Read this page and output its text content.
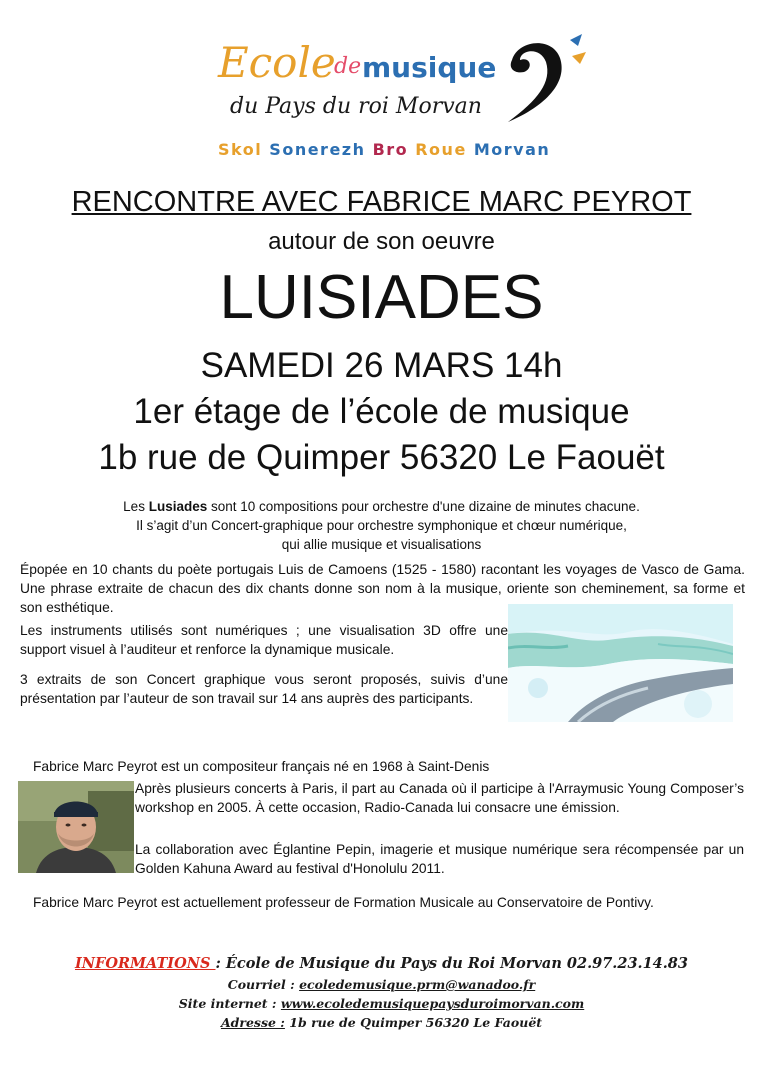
Ecole
de musique
du Pays du roi Morvan
Skol Sonerezh Bro Roue Morvan
RENCONTRE AVEC FABRICE MARC PEYROT
autour de son oeuvre
LUISIADES
SAMEDI 26 MARS 14h
1er étage de l’école de musique
1b rue de Quimper 56320 Le Faouët
Les Lusiades sont 10 compositions pour orchestre d'une dizaine de minutes chacune.
Il s’agit d’un Concert-graphique pour orchestre symphonique et chœur numérique,
qui allie musique et visualisations
Épopée en 10 chants du poète portugais Luis de Camoens (1525 - 1580) racontant les voyages de Vasco de Gama. Une phrase extraite de chacun des dix chants donne son nom à la musique, oriente son cheminement, sa forme et son esthétique.
Les instruments utilisés sont numériques ; une visualisation 3D offre une support visuel à l’auditeur et renforce la dynamique musicale.
3 extraits de son Concert graphique vous seront proposés, suivis d’une présentation par l’auteur de son travail sur 14 ans auprès des participants.
Fabrice Marc Peyrot est un compositeur français né en 1968 à Saint-Denis
Après plusieurs concerts à Paris, il part au Canada où il participe à l'Arraymusic Young Composer’s workshop en 2005. À cette occasion, Radio-Canada lui consacre une émission.
La collaboration avec Églantine Pepin, imagerie et musique numérique sera récompensée par un Golden Kahuna Award au festival d'Honolulu 2011.
Fabrice Marc Peyrot est actuellement professeur de Formation Musicale au Conservatoire de Pontivy.
INFORMATIONS : École de Musique du Pays du Roi Morvan 02.97.23.14.83
Courriel : ecoledemusique.prm@wanadoo.fr
Site internet : www.ecoledemusiquepaysduroimorvan.com
Adresse : 1b rue de Quimper 56320 Le Faouët
